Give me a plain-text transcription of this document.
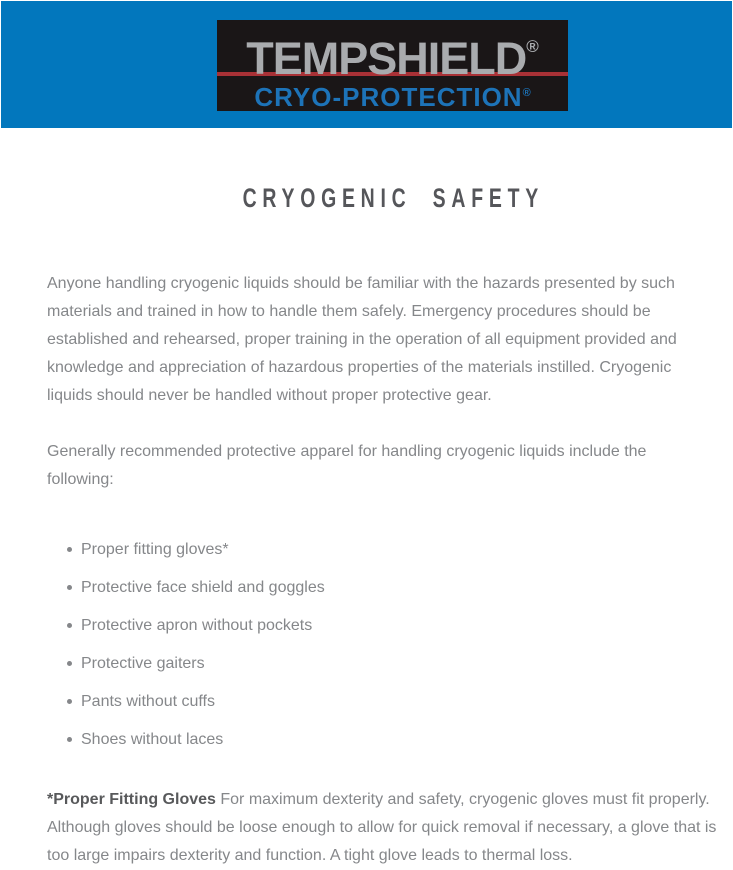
TEMPSHIELD®
CRYO-PROTECTION®
CRYOGENIC SAFETY

Anyone handling cryogenic liquids should be familiar with the hazards presented by such materials and trained in how to handle them safely. Emergency procedures should be established and rehearsed, proper training in the operation of all equipment provided and knowledge and appreciation of hazardous properties of the materials instilled. Cryogenic liquids should never be handled without proper protective gear.

Generally recommended protective apparel for handling cryogenic liquids include the following:

Proper fitting gloves*
Protective face shield and goggles
Protective apron without pockets
Protective gaiters
Pants without cuffs
Shoes without laces

*Proper Fitting Gloves For maximum dexterity and safety, cryogenic gloves must fit properly. Although gloves should be loose enough to allow for quick removal if necessary, a glove that is too large impairs dexterity and function. A tight glove leads to thermal loss.
